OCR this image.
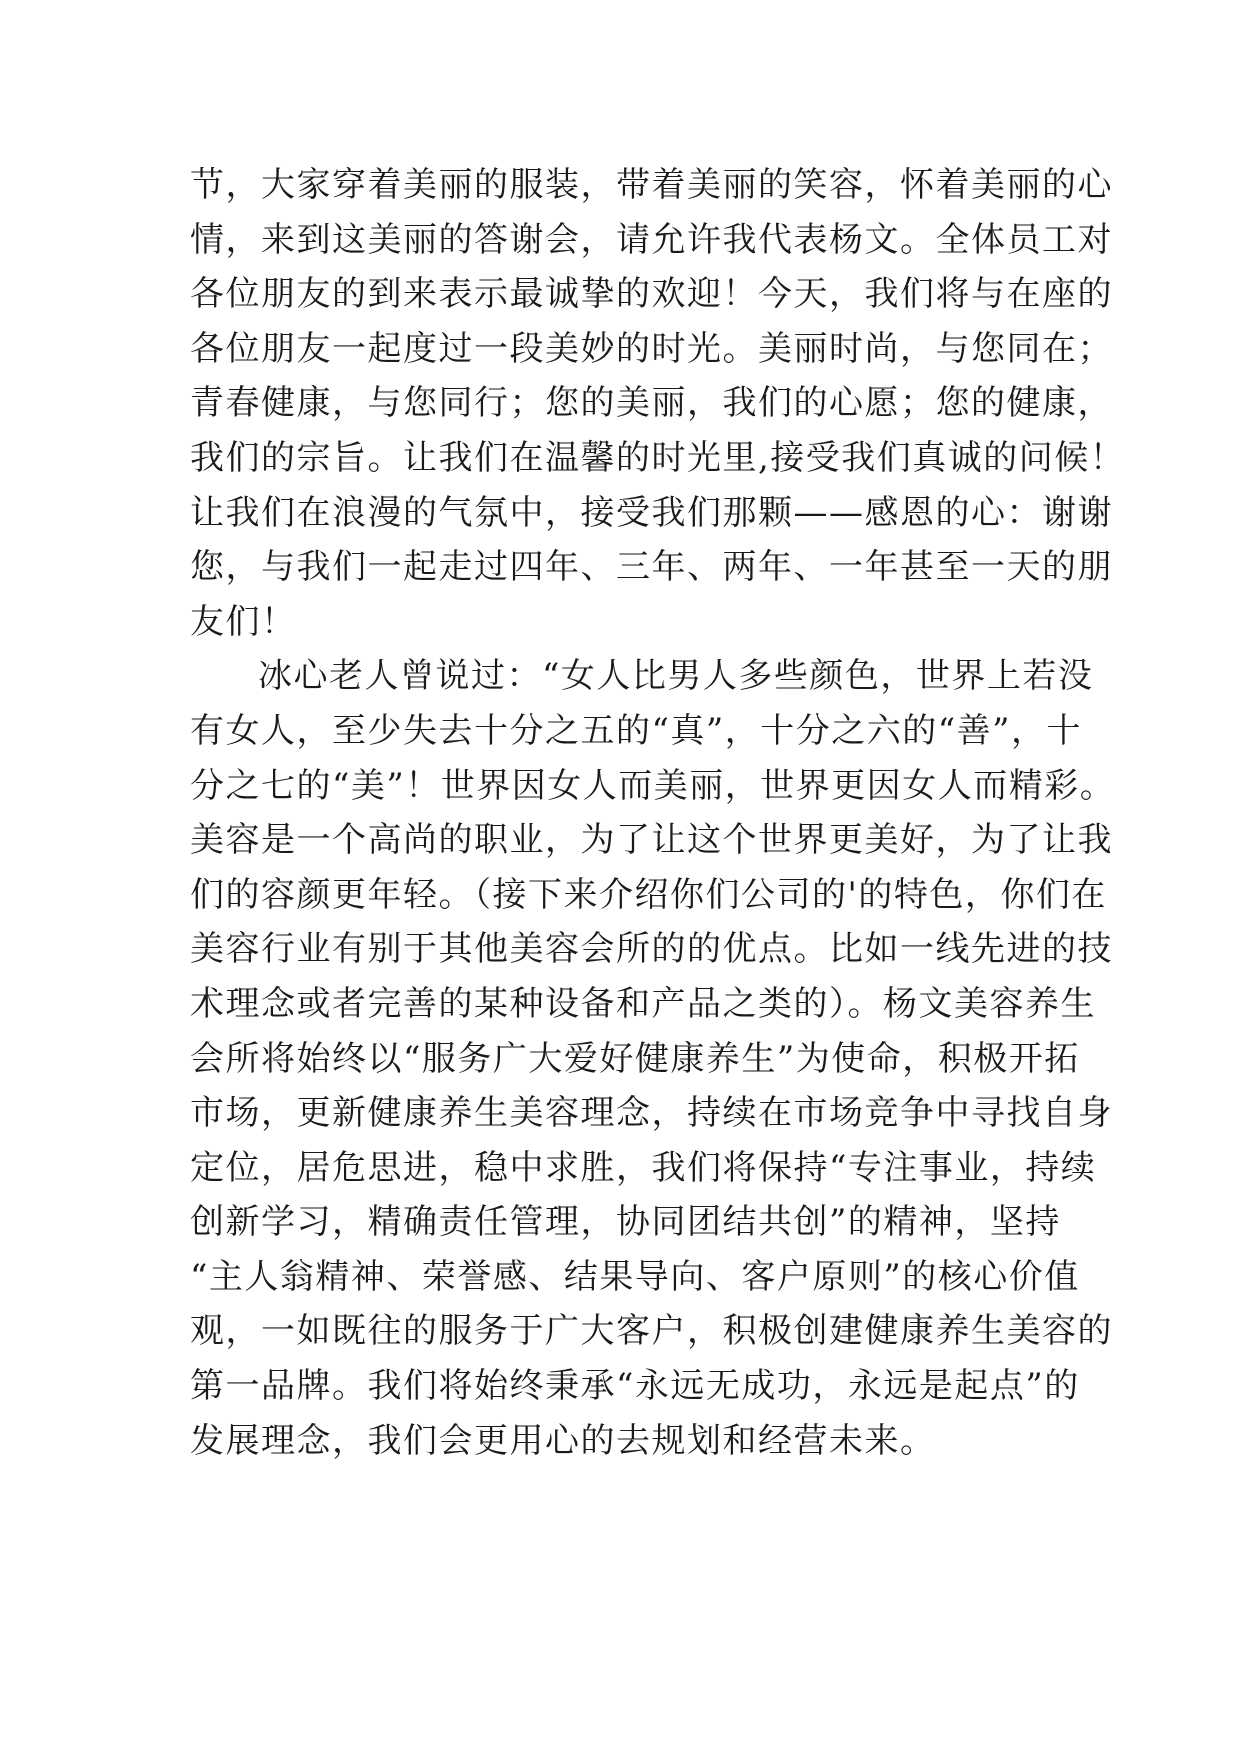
节，大家穿着美丽的服装，带着美丽的笑容，怀着美丽的心
情，来到这美丽的答谢会，请允许我代表杨文。全体员工对
各位朋友的到来表示最诚挚的欢迎！今天，我们将与在座的
各位朋友一起度过一段美妙的时光。美丽时尚，与您同在；
青春健康，与您同行；您的美丽，我们的心愿；您的健康，
我们的宗旨。让我们在温馨的时光里,接受我们真诚的问候！
让我们在浪漫的气氛中，接受我们那颗——感恩的心：谢谢
您，与我们一起走过四年、三年、两年、一年甚至一天的朋
友们！
冰心老人曾说过：“女人比男人多些颜色，世界上若没
有女人，至少失去十分之五的“真”，十分之六的“善”，十
分之七的“美”！世界因女人而美丽，世界更因女人而精彩。
美容是一个高尚的职业，为了让这个世界更美好，为了让我
们的容颜更年轻。（接下来介绍你们公司的'的特色，你们在
美容行业有别于其他美容会所的的优点。比如一线先进的技
术理念或者完善的某种设备和产品之类的）。杨文美容养生
会所将始终以“服务广大爱好健康养生”为使命，积极开拓
市场，更新健康养生美容理念，持续在市场竞争中寻找自身
定位，居危思进，稳中求胜，我们将保持“专注事业，持续
创新学习，精确责任管理，协同团结共创”的精神，坚持
“主人翁精神、荣誉感、结果导向、客户原则”的核心价值
观，一如既往的服务于广大客户，积极创建健康养生美容的
第一品牌。我们将始终秉承“永远无成功，永远是起点”的
发展理念，我们会更用心的去规划和经营未来。
